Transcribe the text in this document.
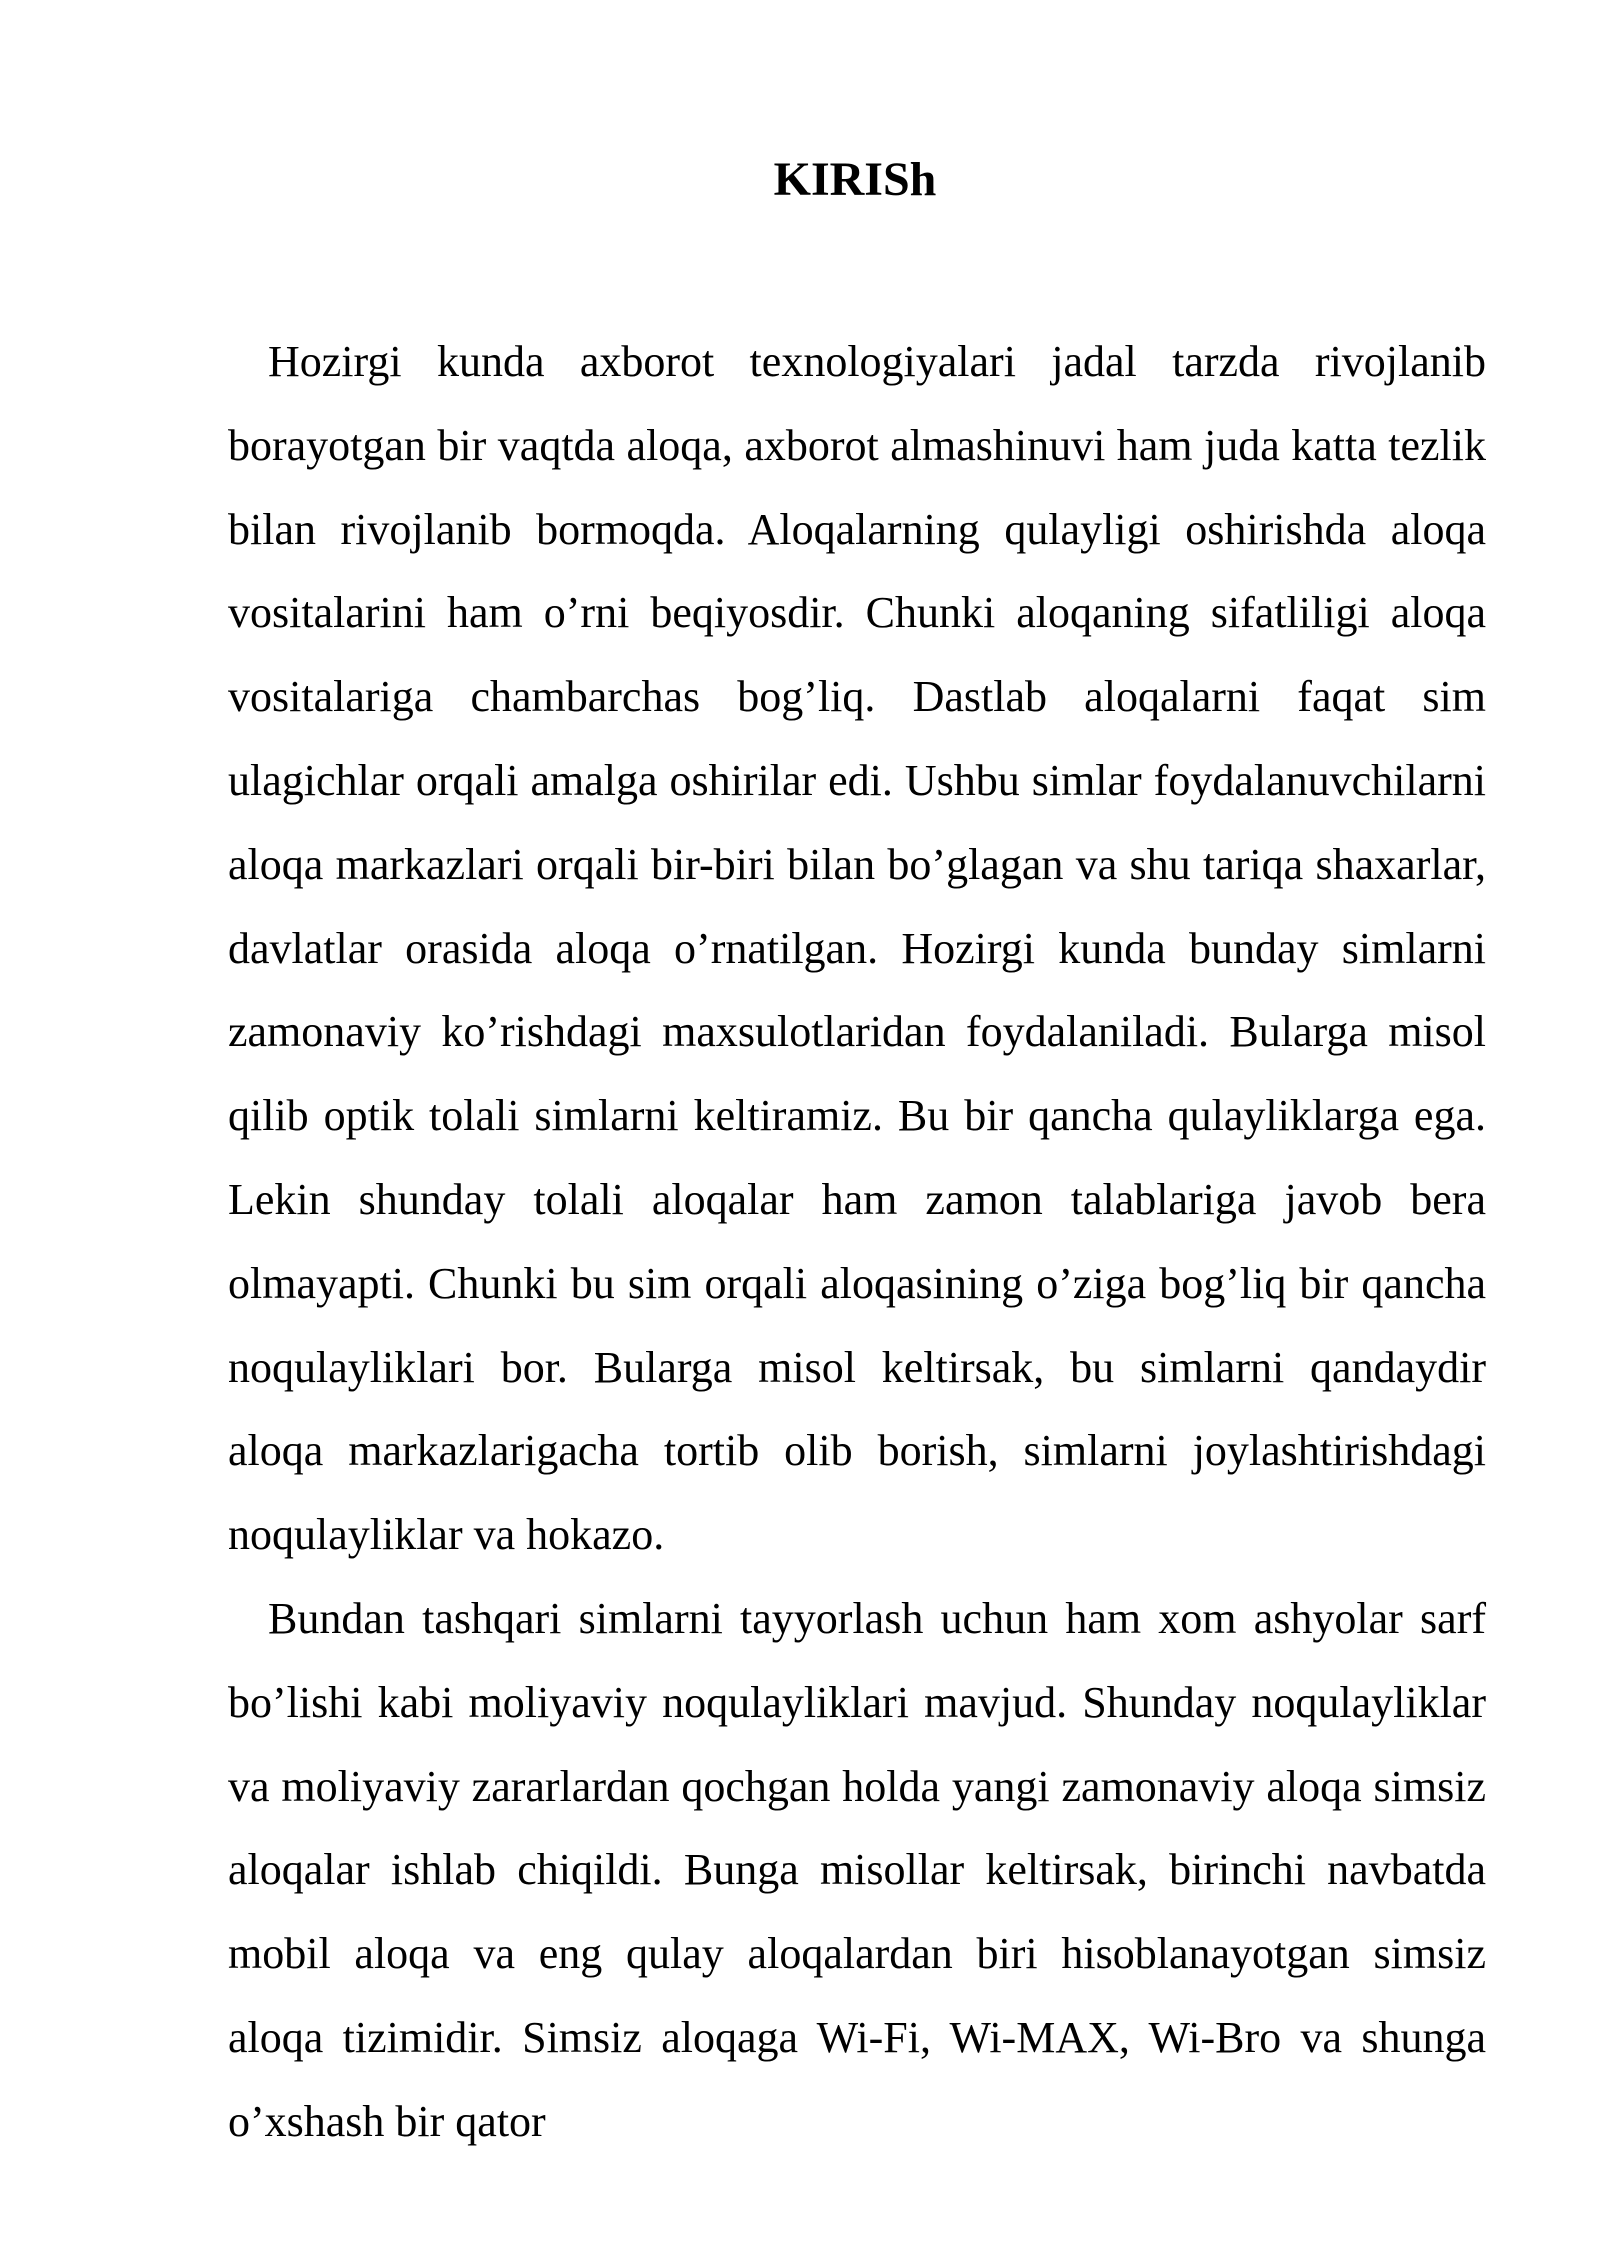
KIRISh

Hozirgi kunda axborot texnologiyalari jadal tarzda rivojlanib borayotgan bir vaqtda aloqa, axborot almashinuvi ham juda katta tezlik bilan rivojlanib bormoqda. Aloqalarning qulayligi oshirishda aloqa vositalarini ham o’rni beqiyosdir. Chunki aloqaning sifatliligi aloqa vositalariga chambarchas bog’liq. Dastlab aloqalarni faqat sim ulagichlar orqali amalga oshirilar edi. Ushbu simlar foydalanuvchilarni aloqa markazlari orqali bir-biri bilan bo’glagan va shu tariqa shaxarlar, davlatlar orasida aloqa o’rnatilgan. Hozirgi kunda bunday simlarni zamonaviy ko’rishdagi maxsulotlaridan foydalaniladi. Bularga misol qilib optik tolali simlarni keltiramiz. Bu bir qancha qulayliklarga ega. Lekin shunday tolali aloqalar ham zamon talablariga javob bera olmayapti. Chunki bu sim orqali aloqasining o’ziga bog’liq bir qancha noqulayliklari bor. Bularga misol keltirsak, bu simlarni qandaydir aloqa markazlarigacha tortib olib borish, simlarni joylashtirishdagi noqulayliklar va hokazo.

Bundan tashqari simlarni tayyorlash uchun ham xom ashyolar sarf bo’lishi kabi moliyaviy noqulayliklari mavjud. Shunday noqulayliklar va moliyaviy zararlardan qochgan holda yangi zamonaviy aloqa simsiz aloqalar ishlab chiqildi. Bunga misollar keltirsak, birinchi navbatda mobil aloqa va eng qulay aloqalardan biri hisoblanayotgan simsiz aloqa tizimidir. Simsiz aloqaga Wi-Fi, Wi-MAX, Wi-Bro va shunga o’xshash bir qator
